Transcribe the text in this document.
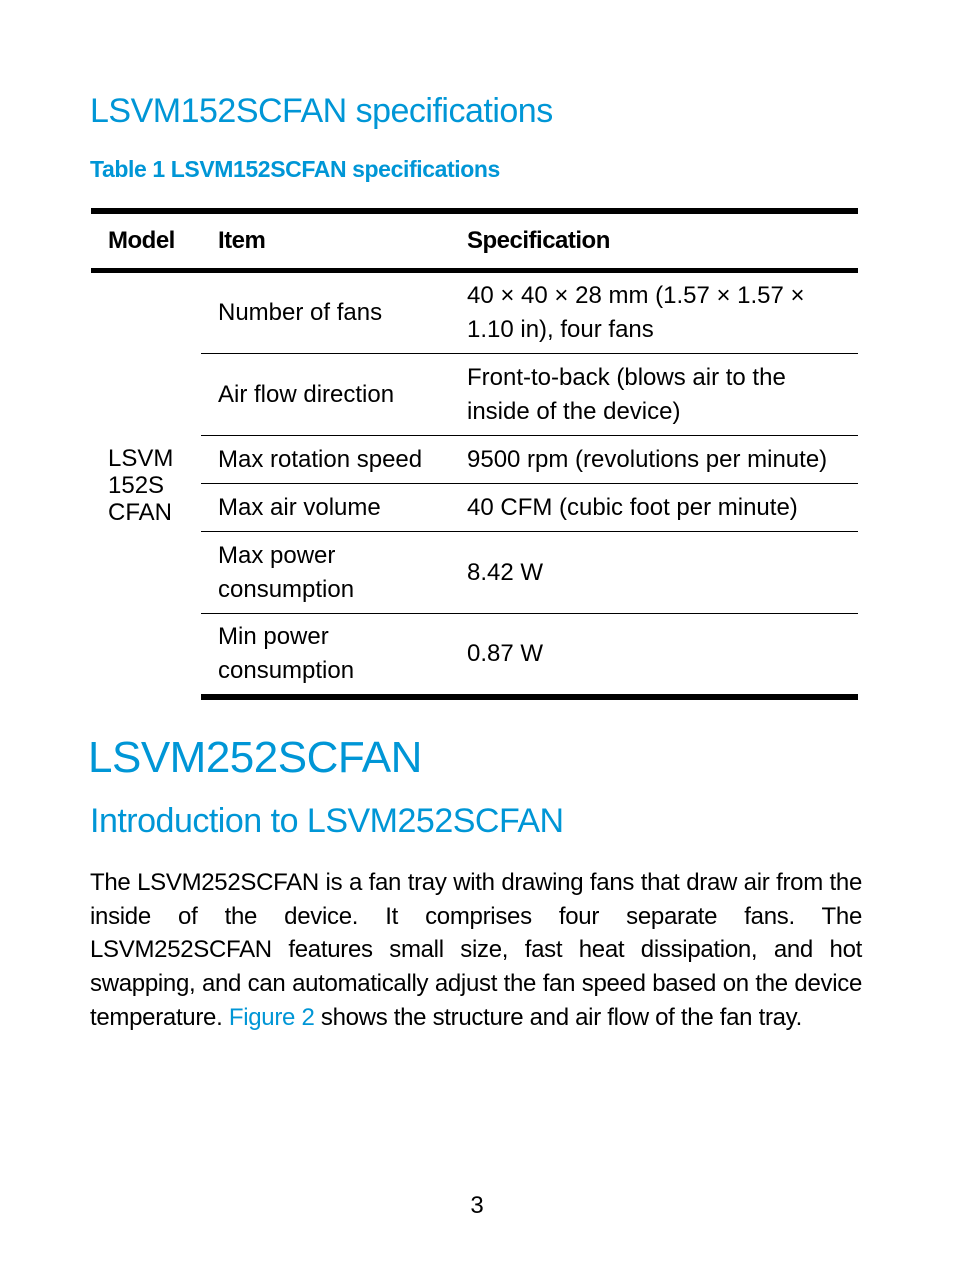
LSVM152SCFAN specifications

Table 1 LSVM152SCFAN specifications

Model	Item	Specification

LSVM
152S
CFAN	Number of fans	40 × 40 × 28 mm (1.57 × 1.57 × 1.10 in), four fans
	Air flow direction	Front-to-back (blows air to the inside of the device)
	Max rotation speed	9500 rpm (revolutions per minute)
	Max air volume	40 CFM (cubic foot per minute)
	Max power consumption	8.42 W
	Min power consumption	0.87 W
LSVM252SCFAN
Introduction to LSVM252SCFAN

The LSVM252SCFAN is a fan tray with drawing fans that draw air from the inside of the device. It comprises four separate fans. The LSVM252SCFAN features small size, fast heat dissipation, and hot swapping, and can automatically adjust the fan speed based on the device temperature. Figure 2 shows the structure and air flow of the fan tray.

3
